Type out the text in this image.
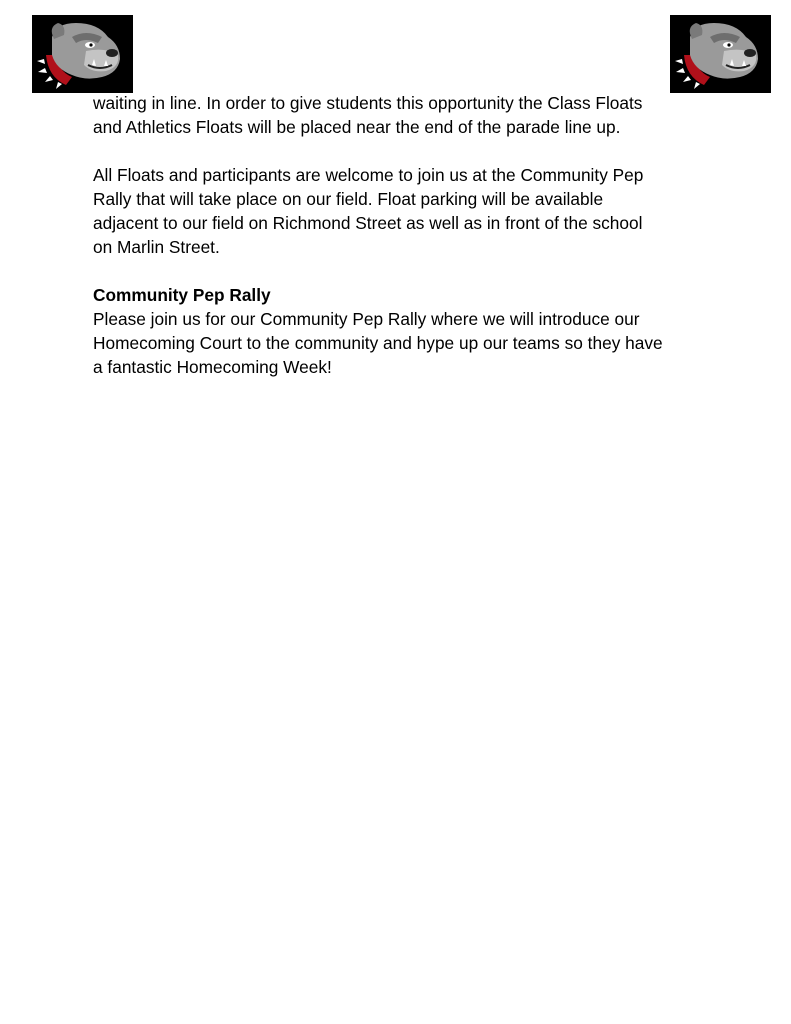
waiting in line. In order to give students this opportunity the Class Floats

and Athletics Floats will be placed near the end of the parade line up.

All Floats and participants are welcome to join us at the Community Pep

Rally that will take place on our field. Float parking will be available

adjacent to our field on Richmond Street as well as in front of the school

on Marlin Street.

Community Pep Rally

Please join us for our Community Pep Rally where we will introduce our

Homecoming Court to the community and hype up our teams so they have

a fantastic Homecoming Week!
